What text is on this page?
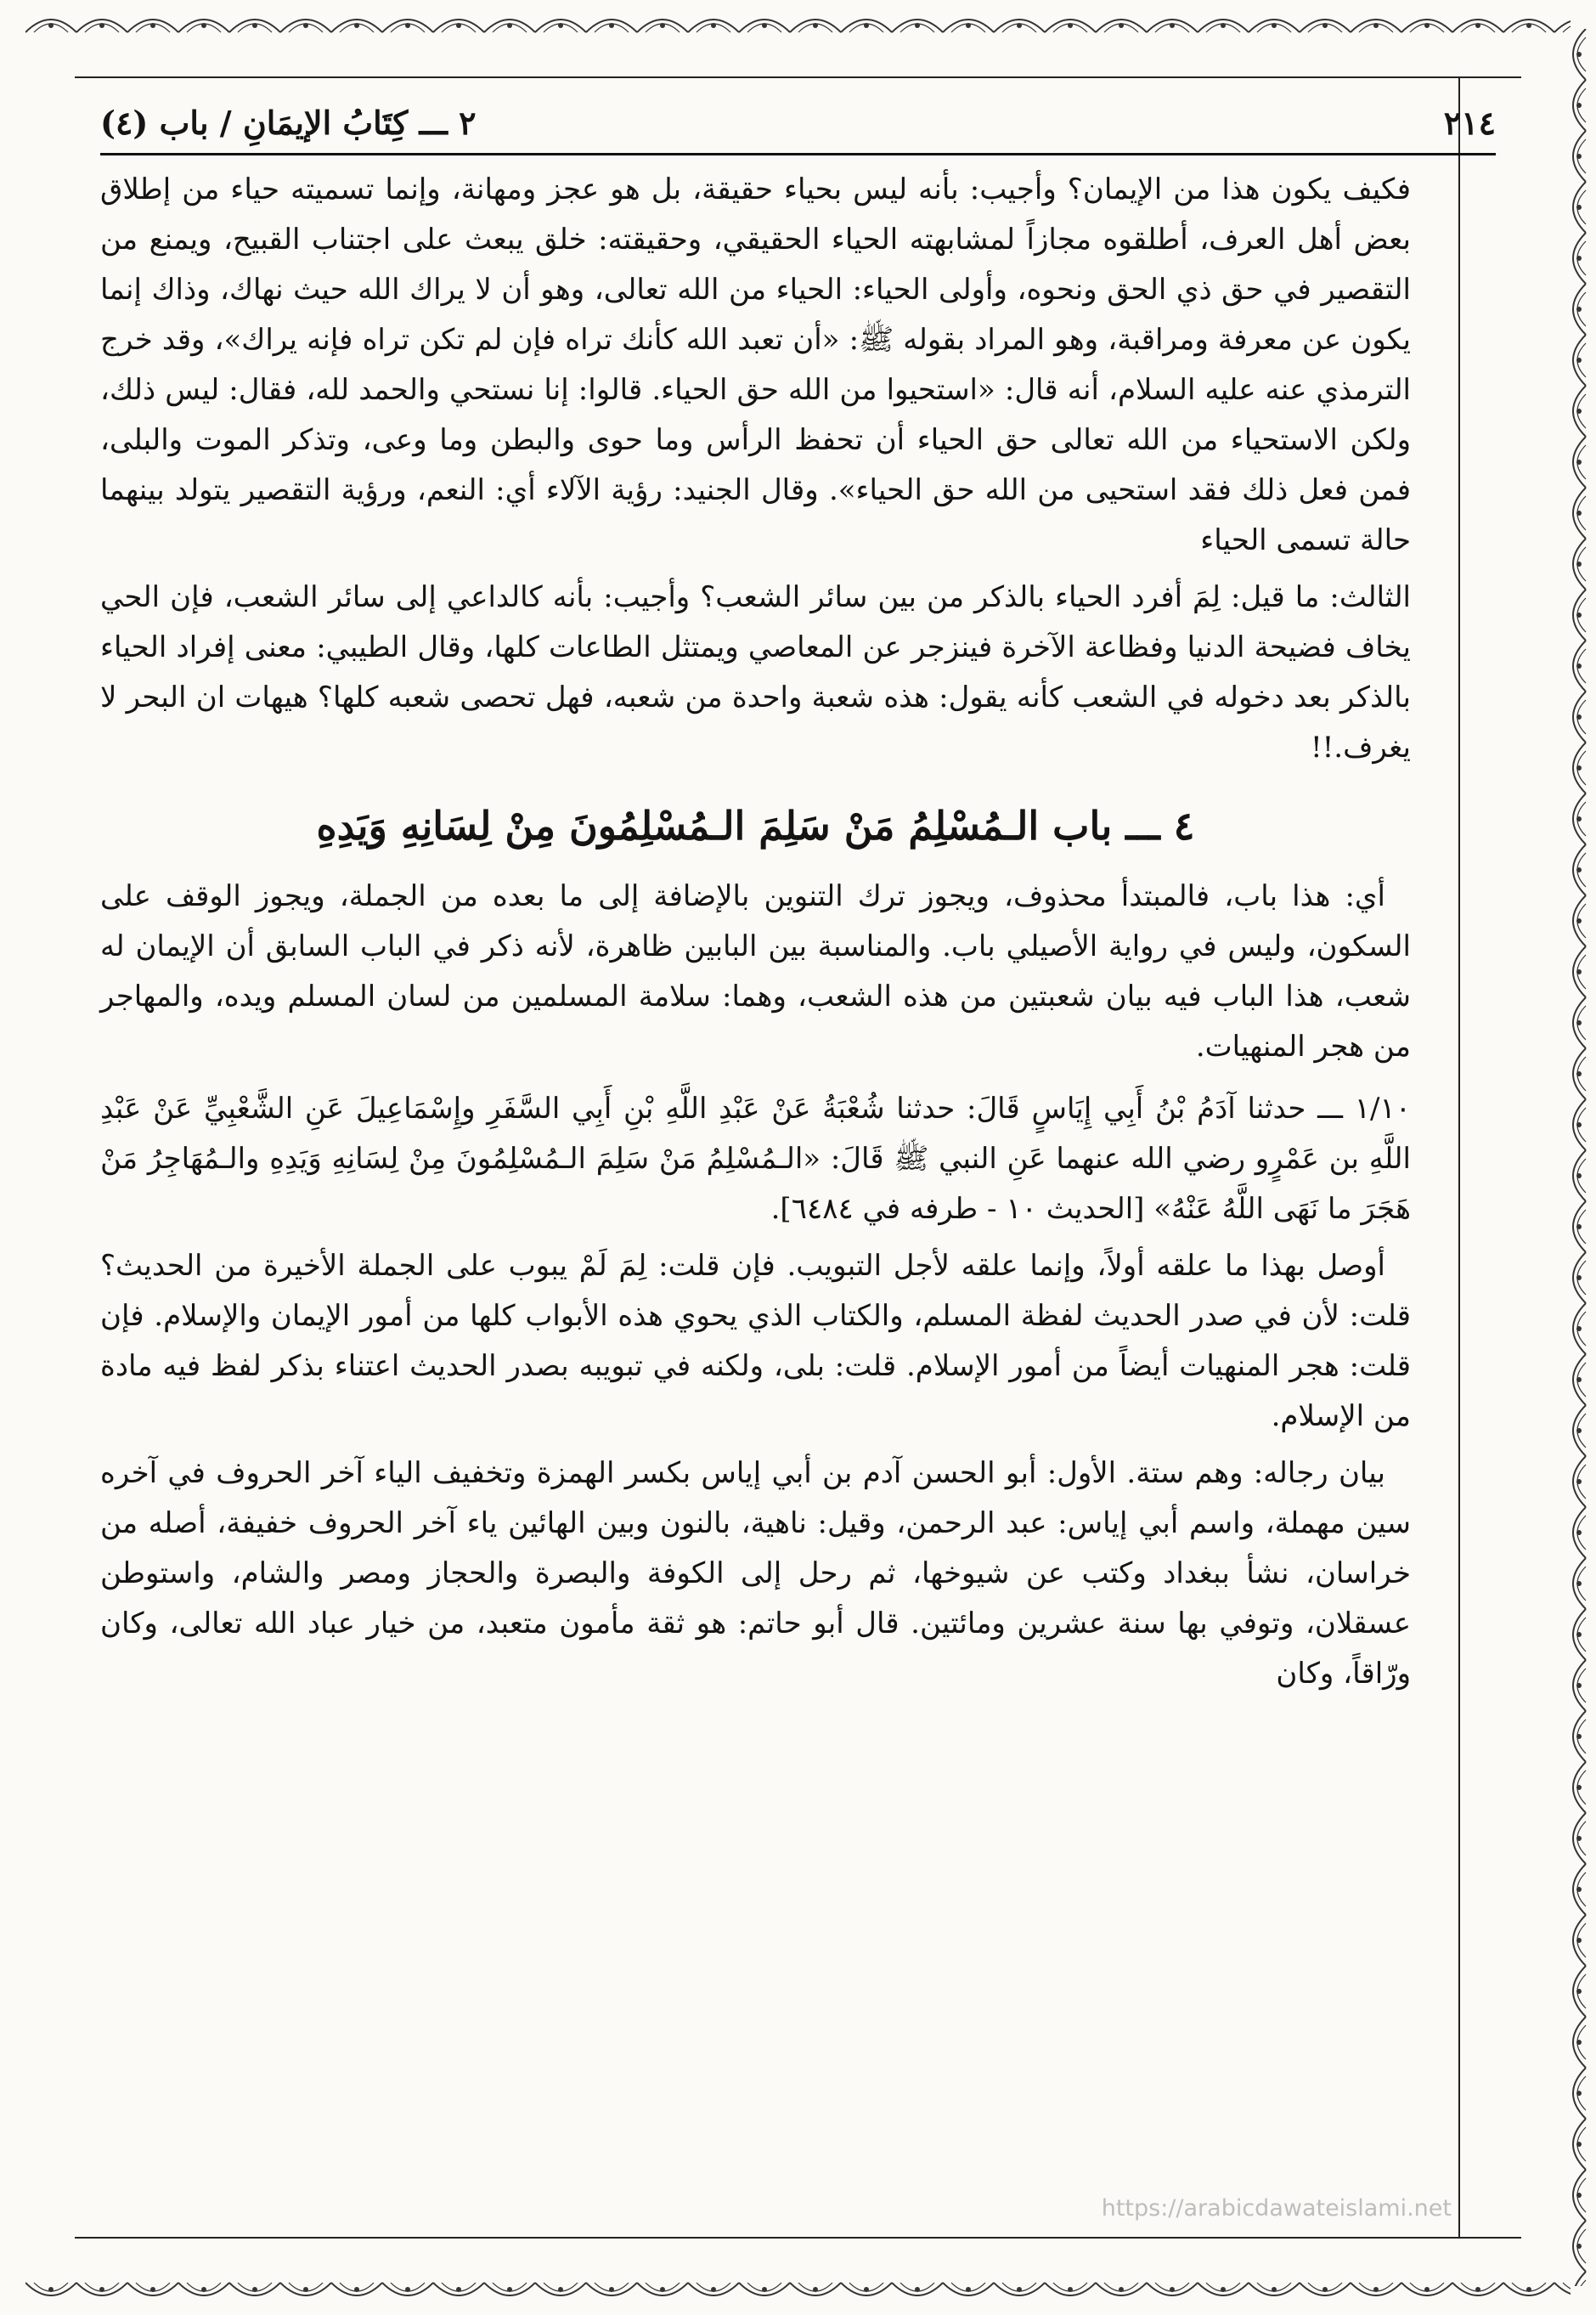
٢١٤
٢ ـــ كِتَابُ الإيمَانِ / باب (٤)

فكيف يكون هذا من الإيمان؟ وأجيب: بأنه ليس بحياء حقيقة، بل هو عجز ومهانة، وإنما تسميته حياء من إطلاق بعض أهل العرف، أطلقوه مجازاً لمشابهته الحياء الحقيقي، وحقيقته: خلق يبعث على اجتناب القبيح، ويمنع من التقصير في حق ذي الحق ونحوه، وأولى الحياء: الحياء من الله تعالى، وهو أن لا يراك الله حيث نهاك، وذاك إنما يكون عن معرفة ومراقبة، وهو المراد بقوله ﷺ: «أن تعبد الله كأنك تراه فإن لم تكن تراه فإنه يراك»، وقد خرج الترمذي عنه عليه السلام، أنه قال: «استحيوا من الله حق الحياء. قالوا: إنا نستحي والحمد لله، فقال: ليس ذلك، ولكن الاستحياء من الله تعالى حق الحياء أن تحفظ الرأس وما حوى والبطن وما وعى، وتذكر الموت والبلى، فمن فعل ذلك فقد استحيى من الله حق الحياء». وقال الجنيد: رؤية الآلاء أي: النعم، ورؤية التقصير يتولد بينهما حالة تسمى الحياء

الثالث: ما قيل: لِمَ أفرد الحياء بالذكر من بين سائر الشعب؟ وأجيب: بأنه كالداعي إلى سائر الشعب، فإن الحي يخاف فضيحة الدنيا وفظاعة الآخرة فينزجر عن المعاصي ويمتثل الطاعات كلها، وقال الطيبي: معنى إفراد الحياء بالذكر بعد دخوله في الشعب كأنه يقول: هذه شعبة واحدة من شعبه، فهل تحصى شعبه كلها؟ هيهات ان البحر لا يغرف.!!

٤ ـــ باب الـمُسْلِمُ مَنْ سَلِمَ الـمُسْلِمُونَ مِنْ لِسَانِهِ وَيَدِهِ

أي: هذا باب، فالمبتدأ محذوف، ويجوز ترك التنوين بالإضافة إلى ما بعده من الجملة، ويجوز الوقف على السكون، وليس في رواية الأصيلي باب. والمناسبة بين البابين ظاهرة، لأنه ذكر في الباب السابق أن الإيمان له شعب، هذا الباب فيه بيان شعبتين من هذه الشعب، وهما: سلامة المسلمين من لسان المسلم ويده، والمهاجر من هجر المنهيات.

١/١٠ ـــ حدثنا آدَمُ بْنُ أَبِي إِيَاسٍ قَالَ: حدثنا شُعْبَةُ عَنْ عَبْدِ اللَّهِ بْنِ أَبِي السَّفَرِ وإِسْمَاعِيلَ عَنِ الشَّعْبِيِّ عَنْ عَبْدِ اللَّهِ بن عَمْرٍو رضي الله عنهما عَنِ النبي ﷺ قَالَ: «الـمُسْلِمُ مَنْ سَلِمَ الـمُسْلِمُونَ مِنْ لِسَانِهِ وَيَدِهِ والـمُهَاجِرُ مَنْ هَجَرَ ما نَهَى اللَّهُ عَنْهُ» [الحديث ١٠ - طرفه في ٦٤٨٤].

أوصل بهذا ما علقه أولاً، وإنما علقه لأجل التبويب. فإن قلت: لِمَ لَمْ يبوب على الجملة الأخيرة من الحديث؟ قلت: لأن في صدر الحديث لفظة المسلم، والكتاب الذي يحوي هذه الأبواب كلها من أمور الإيمان والإسلام. فإن قلت: هجر المنهيات أيضاً من أمور الإسلام. قلت: بلى، ولكنه في تبويبه بصدر الحديث اعتناء بذكر لفظ فيه مادة من الإسلام.

بيان رجاله: وهم ستة. الأول: أبو الحسن آدم بن أبي إياس بكسر الهمزة وتخفيف الياء آخر الحروف في آخره سين مهملة، واسم أبي إياس: عبد الرحمن، وقيل: ناهية، بالنون وبين الهائين ياء آخر الحروف خفيفة، أصله من خراسان، نشأ ببغداد وكتب عن شيوخها، ثم رحل إلى الكوفة والبصرة والحجاز ومصر والشام، واستوطن عسقلان، وتوفي بها سنة عشرين ومائتين. قال أبو حاتم: هو ثقة مأمون متعبد، من خيار عباد الله تعالى، وكان ورّاقاً، وكان

https://arabicdawateislami.net
